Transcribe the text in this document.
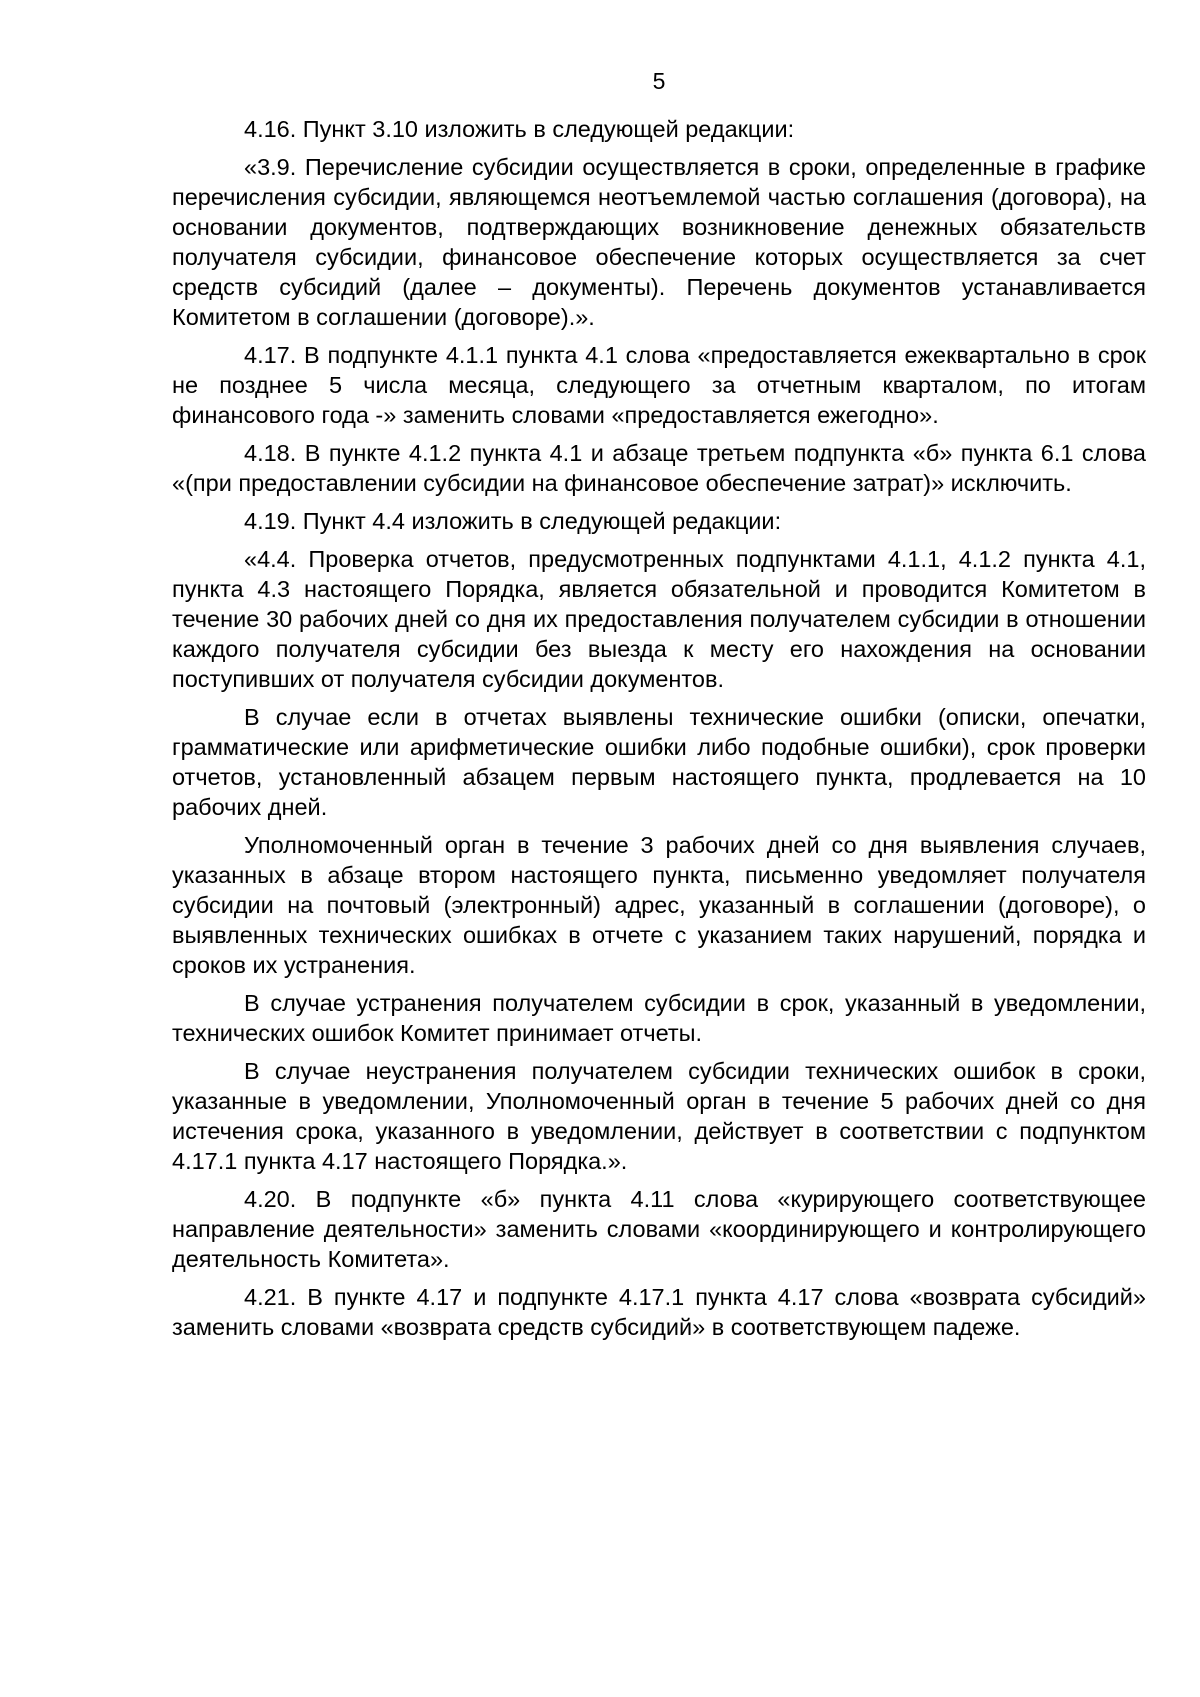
5

4.16. Пункт 3.10 изложить в следующей редакции:

«3.9. Перечисление субсидии осуществляется в сроки, определенные в графике перечисления субсидии, являющемся неотъемлемой частью соглашения (договора), на основании документов, подтверждающих возникновение денежных обязательств получателя субсидии, финансовое обеспечение которых осуществляется за счет средств субсидий (далее – документы). Перечень документов устанавливается Комитетом в соглашении (договоре).».

4.17. В подпункте 4.1.1 пункта 4.1 слова «предоставляется ежеквартально в срок не позднее 5 числа месяца, следующего за отчетным кварталом, по итогам финансового года -» заменить словами «предоставляется ежегодно».

4.18. В пункте 4.1.2 пункта 4.1 и абзаце третьем подпункта «б» пункта 6.1 слова «(при предоставлении субсидии на финансовое обеспечение затрат)» исключить.

4.19. Пункт 4.4 изложить в следующей редакции:

«4.4. Проверка отчетов, предусмотренных подпунктами 4.1.1, 4.1.2 пункта 4.1, пункта 4.3 настоящего Порядка, является обязательной и проводится Комитетом в течение 30 рабочих дней со дня их предоставления получателем субсидии в отношении каждого получателя субсидии без выезда к месту его нахождения на основании поступивших от получателя субсидии документов.

В случае если в отчетах выявлены технические ошибки (описки, опечатки, грамматические или арифметические ошибки либо подобные ошибки), срок проверки отчетов, установленный абзацем первым настоящего пункта, продлевается на 10 рабочих дней.

Уполномоченный орган в течение 3 рабочих дней со дня выявления случаев, указанных в абзаце втором настоящего пункта, письменно уведомляет получателя субсидии на почтовый (электронный) адрес, указанный в соглашении (договоре), о выявленных технических ошибках в отчете с указанием таких нарушений, порядка и сроков их устранения.

В случае устранения получателем субсидии в срок, указанный в уведомлении, технических ошибок Комитет принимает отчеты.

В случае неустранения получателем субсидии технических ошибок в сроки, указанные в уведомлении, Уполномоченный орган в течение 5 рабочих дней со дня истечения срока, указанного в уведомлении, действует в соответствии с подпунктом 4.17.1 пункта 4.17 настоящего Порядка.».

4.20. В подпункте «б» пункта 4.11 слова «курирующего соответствующее направление деятельности» заменить словами «координирующего и контролирующего деятельность Комитета».

4.21. В пункте 4.17 и подпункте 4.17.1 пункта 4.17 слова «возврата субсидий» заменить словами «возврата средств субсидий» в соответствующем падеже.
